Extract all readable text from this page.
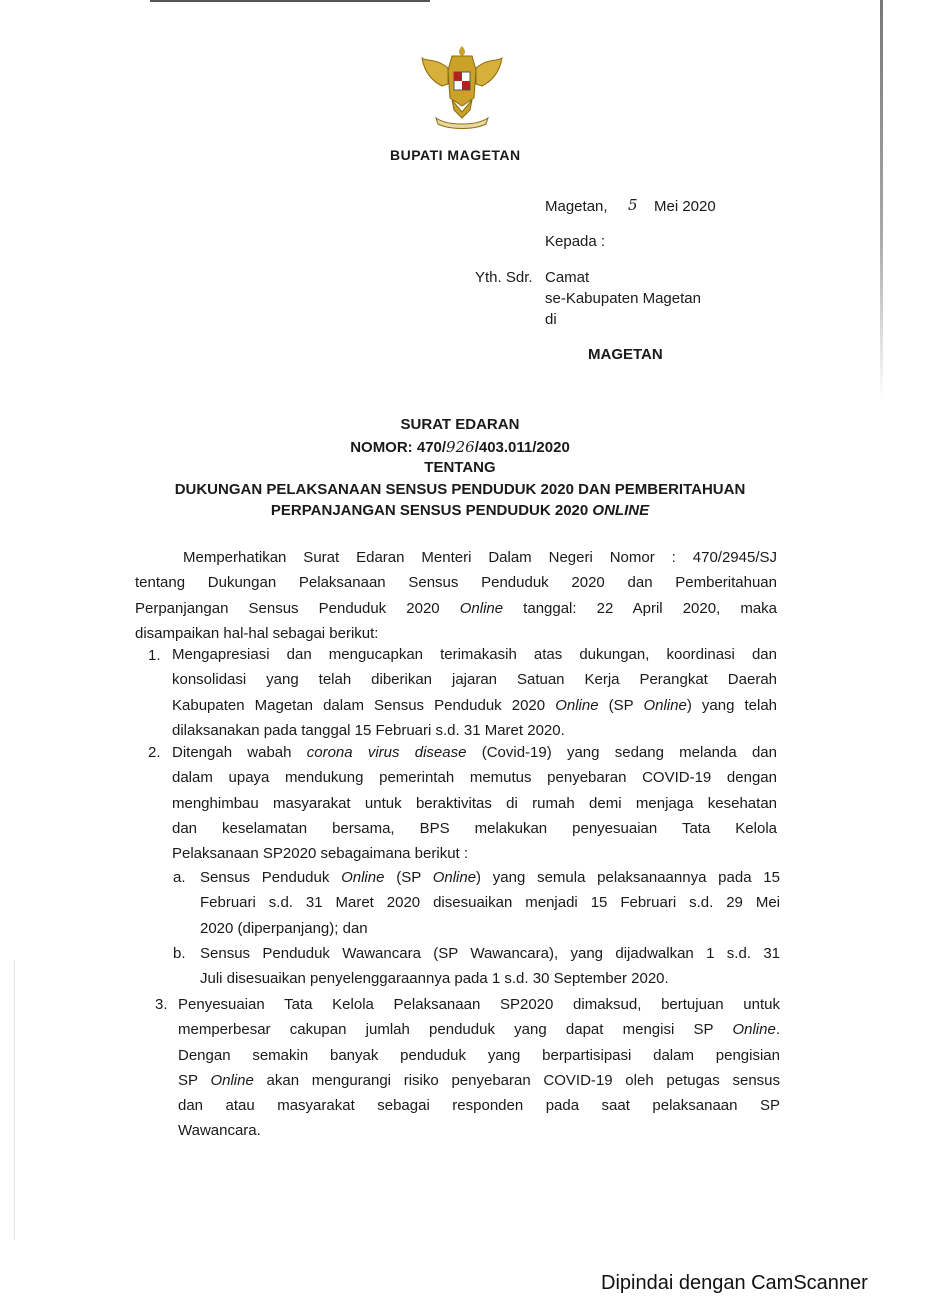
BUPATI MAGETAN
Magetan, 5 Mei 2020
Kepada :
Yth. Sdr. Camat
se-Kabupaten Magetan
di
MAGETAN
SURAT EDARAN
NOMOR: 470/926/403.011/2020
TENTANG
DUKUNGAN PELAKSANAAN SENSUS PENDUDUK 2020 DAN PEMBERITAHUAN
PERPANJANGAN SENSUS PENDUDUK 2020 ONLINE
Memperhatikan Surat Edaran Menteri Dalam Negeri Nomor : 470/2945/SJ
tentang Dukungan Pelaksanaan Sensus Penduduk 2020 dan Pemberitahuan
Perpanjangan Sensus Penduduk 2020 Online tanggal: 22 April 2020, maka
disampaikan hal-hal sebagai berikut:
1. Mengapresiasi dan mengucapkan terimakasih atas dukungan, koordinasi dan
konsolidasi yang telah diberikan jajaran Satuan Kerja Perangkat Daerah
Kabupaten Magetan dalam Sensus Penduduk 2020 Online (SP Online) yang telah
dilaksanakan pada tanggal 15 Februari s.d. 31 Maret 2020.
2. Ditengah wabah corona virus disease (Covid-19) yang sedang melanda dan
dalam upaya mendukung pemerintah memutus penyebaran COVID-19 dengan
menghimbau masyarakat untuk beraktivitas di rumah demi menjaga kesehatan
dan keselamatan bersama, BPS melakukan penyesuaian Tata Kelola
Pelaksanaan SP2020 sebagaimana berikut :
a. Sensus Penduduk Online (SP Online) yang semula pelaksanaannya pada 15
Februari s.d. 31 Maret 2020 disesuaikan menjadi 15 Februari s.d. 29 Mei
2020 (diperpanjang); dan
b. Sensus Penduduk Wawancara (SP Wawancara), yang dijadwalkan 1 s.d. 31
Juli disesuaikan penyelenggaraannya pada 1 s.d. 30 September 2020.
3. Penyesuaian Tata Kelola Pelaksanaan SP2020 dimaksud, bertujuan untuk
memperbesar cakupan jumlah penduduk yang dapat mengisi SP Online.
Dengan semakin banyak penduduk yang berpartisipasi dalam pengisian
SP Online akan mengurangi risiko penyebaran COVID-19 oleh petugas sensus
dan atau masyarakat sebagai responden pada saat pelaksanaan SP
Wawancara.
Dipindai dengan CamScanner
